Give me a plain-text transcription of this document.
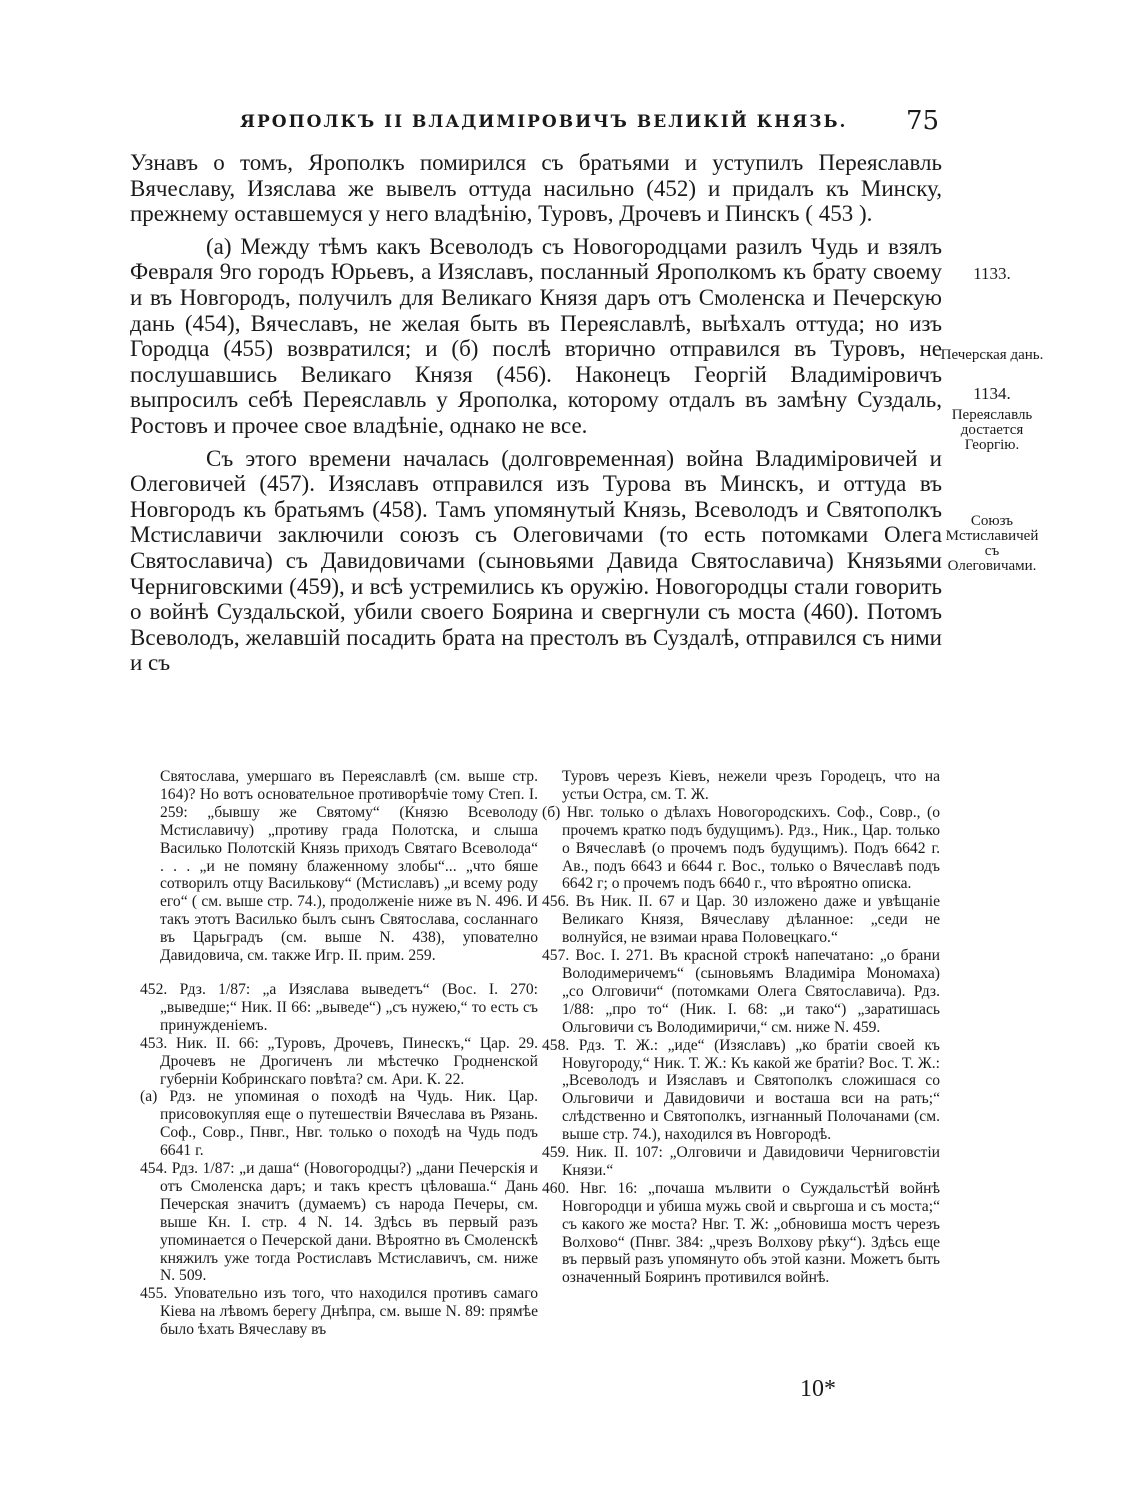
ЯРОПОЛКЪ II ВЛАДИМІРОВИЧЪ ВЕЛИКІЙ КНЯЗЬ. 75

Узнавъ о томъ, Ярополкъ помирился съ братьями и уступилъ Переяславль Вячеславу, Изяслава же вывелъ оттуда насильно (452) и придалъ къ Минску, прежнему оставшемуся у него владѣнію, Туровъ, Дрочевъ и Пинскъ ( 453 ).

(а) Между тѣмъ какъ Всеволодъ съ Новогородцами разилъ Чудь и взялъ Февраля 9го городъ Юрьевъ, а Изяславъ, посланный Ярополкомъ къ брату своему и въ Новгородъ, получилъ для Великаго Князя даръ отъ Смоленска и Печерскую дань (454), Вячеславъ, не желая быть въ Переяславлѣ, выѣхалъ оттуда; но изъ Городца (455) возвратился; и (б) послѣ вторично отправился въ Туровъ, не послушавшись Великаго Князя (456). Наконецъ Георгій Владиміровичъ выпросилъ себѣ Переяславль у Ярополка, которому отдалъ въ замѣну Суздаль, Ростовъ и прочее свое владѣніе, однако не все.

Съ этого времени началась (долговременная) война Владиміровичей и Олеговичей (457). Изяславъ отправился изъ Турова въ Минскъ, и оттуда въ Новгородъ къ братьямъ (458). Тамъ упомянутый Князь, Всеволодъ и Святополкъ Мстиславичи заключили союзъ съ Олеговичами (то есть потомками Олега Святославича) съ Давидовичами (сыновьями Давида Святославича) Князьями Черниговскими (459), и всѣ устремились къ оружію. Новогородцы стали говорить о войнѣ Суздальской, убили своего Боярина и свергнули съ моста (460). Потомъ Всеволодъ, желавшій посадить брата на престолъ въ Суздалѣ, отправился съ ними и съ

1133.
Печерская дань.
1134.
Переяславль достается Георгію.
Союзъ Мстиславичей съ Олеговичами.

Святослава, умершаго въ Переяславлѣ (см. выше стр. 164)? Но вотъ основательное противорѣчіе тому Степ. I. 259: „бывшу же Святому“ (Князю Всеволоду Мстиславичу) „противу града Полотска, и слыша Василько Полотскій Князь приходъ Святаго Всеволода“ . . . „и не помяну блаженному злобы“... „что бяше сотворилъ отцу Василькову“ (Мстиславъ) „и всему роду его“ ( см. выше стр. 74.), продолженіе ниже въ N. 496. И такъ этотъ Василько былъ сынъ Святослава, сосланнаго въ Царьградъ (см. выше N. 438), упователно Давидовича, см. также Игр. II. прим. 259.

452. Рдз. 1/87: „а Изяслава выведетъ“ (Вос. I. 270: „выведше;“ Ник. II 66: „выведе“) „съ нужею,“ то есть съ принужденіемъ.

453. Ник. II. 66: „Туровъ, Дрочевъ, Пинескъ,“ Цар. 29. Дрочевъ не Дрогиченъ ли мѣстечко Гродненской губерніи Кобринскаго повѣта? см. Ари. К. 22.

(а) Рдз. не упоминая о походѣ на Чудь. Ник. Цар. присовокупляя еще о путешествіи Вячеслава въ Рязань. Соф., Совр., Пнвг., Нвг. только о походѣ на Чудь подъ 6641 г.

454. Рдз. 1/87: „и даша“ (Новогородцы?) „дани Печерскія и отъ Смоленска даръ; и такъ крестъ цѣловаша.“ Дань Печерская значитъ (думаемъ) съ народа Печеры, см. выше Кн. I. стр. 4 N. 14. Здѣсь въ первый разъ упоминается о Печерской дани. Вѣроятно въ Смоленскѣ княжилъ уже тогда Ростиславъ Мстиславичъ, см. ниже N. 509.

455. Уповательно изъ того, что находился противъ самаго Кіева на лѣвомъ берегу Днѣпра, см. выше N. 89: прямѣе было ѣхать Вячеславу въ

Туровъ черезъ Кіевъ, нежели чрезъ Городецъ, что на устьи Остра, см. Т. Ж.

(б) Нвг. только о дѣлахъ Новогородскихъ. Соф., Совр., (о прочемъ кратко подъ будущимъ). Рдз., Ник., Цар. только о Вячеславѣ (о прочемъ подъ будущимъ). Подъ 6642 г. Ав., подъ 6643 и 6644 г. Вос., только о Вячеславѣ подъ 6642 г; о прочемъ подъ 6640 г., что вѣроятно описка.

456. Въ Ник. II. 67 и Цар. 30 изложено даже и увѣщаніе Великаго Князя, Вячеславу дѣланное: „седи не волнуйся, не взимаи нрава Половецкаго.“

457. Вос. I. 271. Въ красной строкѣ напечатано: „о брани Володимеричемъ“ (сыновьямъ Владиміра Мономаха) „со Олговичи“ (потомками Олега Святославича). Рдз. 1/88: „про то“ (Ник. I. 68: „и тако“) „заратишась Ольговичи съ Володимиричи,“ см. ниже N. 459.

458. Рдз. Т. Ж.: „иде“ (Изяславъ) „ко братіи своей къ Новугороду,“ Ник. Т. Ж.: Къ какой же братіи? Вос. Т. Ж.: „Всеволодъ и Изяславъ и Святополкъ сложишася со Ольговичи и Давидовичи и восташа вси на рать;“ слѣдственно и Святополкъ, изгнанный Полочанами (см. выше стр. 74.), находился въ Новгородѣ.

459. Ник. II. 107: „Олговичи и Давидовичи Черниговстіи Князи.“

460. Нвг. 16: „почаша мълвити о Суждальстѣй войнѣ Новгородци и убиша мужь свой и свьргоша и съ моста;“ съ какого же моста? Нвг. Т. Ж: „обновиша мостъ черезъ Волхово“ (Пнвг. 384: „чрезъ Волхову рѣку“). Здѣсь еще въ первый разъ упомянуто объ этой казни. Можетъ быть означенный Бояринъ противился войнѣ.

10*
